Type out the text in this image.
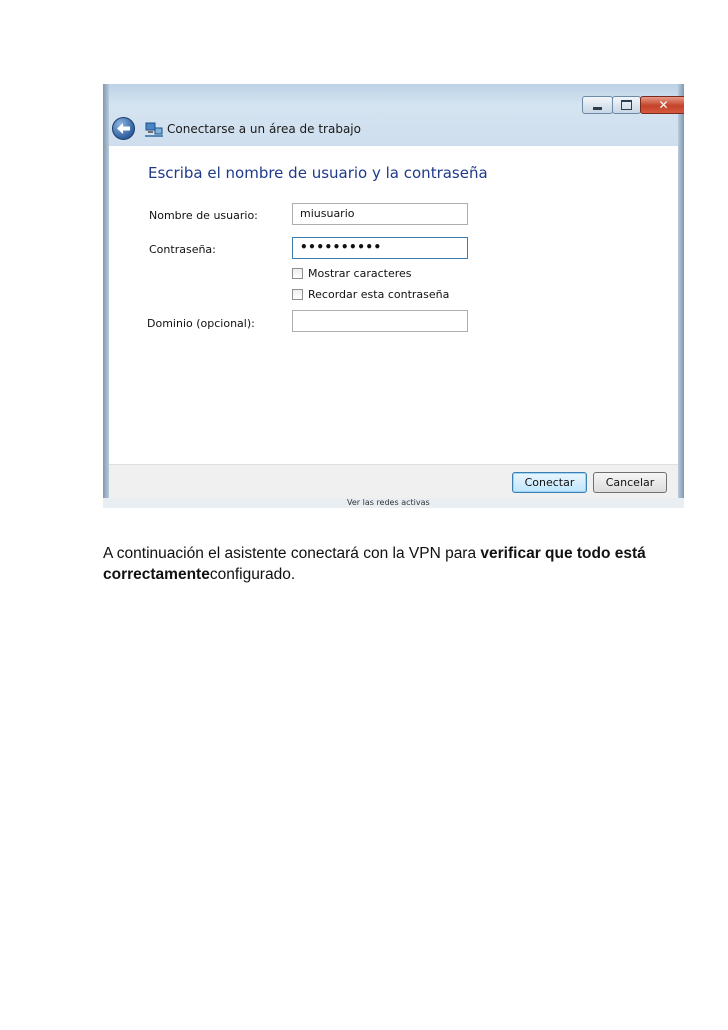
✕
Conectarse a un área de trabajo
Escriba el nombre de usuario y la contraseña
Nombre de usuario:	miusuario
Contraseña:	••••••••••
Mostrar caracteres
Recordar esta contraseña
Dominio (opcional):
Conectar	Cancelar
Ver las redes activas

A continuación el asistente conectará con la VPN para verificar que todo está correctamenteconfigurado.
